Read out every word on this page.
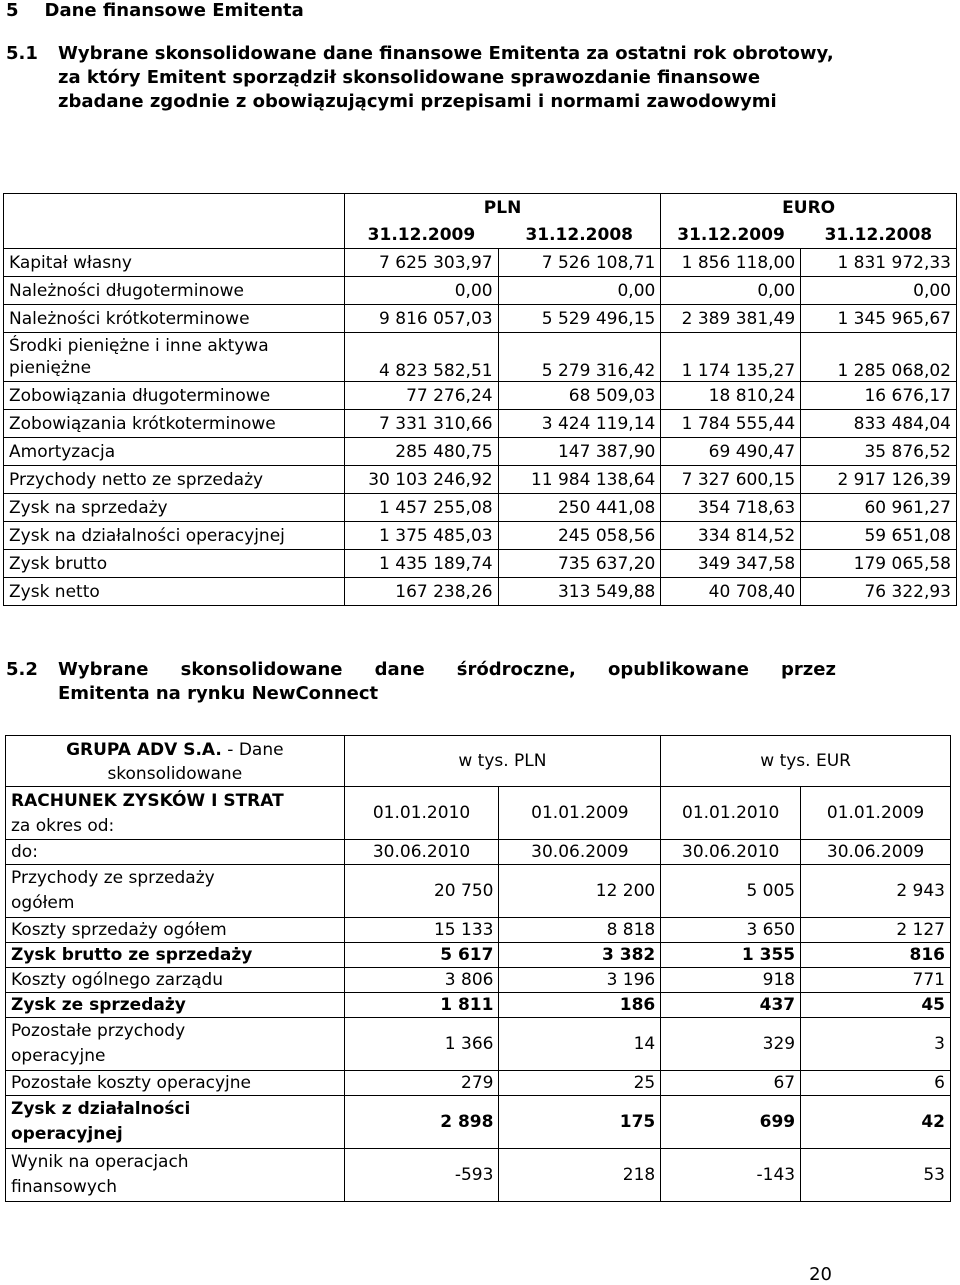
5 Dane finansowe Emitenta
5.1 Wybrane skonsolidowane dane finansowe Emitenta za ostatni rok obrotowy, za który Emitent sporządził skonsolidowane sprawozdanie finansowe zbadane zgodnie z obowiązującymi przepisami i normami zawodowymi
	PLN		EURO	
	31.12.2009	31.12.2008	31.12.2009	31.12.2008
Kapitał własny	7 625 303,97	7 526 108,71	1 856 118,00	1 831 972,33
Należności długoterminowe	0,00	0,00	0,00	0,00
Należności krótkoterminowe	9 816 057,03	5 529 496,15	2 389 381,49	1 345 965,67
Środki pieniężne i inne aktywa pieniężne	4 823 582,51	5 279 316,42	1 174 135,27	1 285 068,02
Zobowiązania długoterminowe	77 276,24	68 509,03	18 810,24	16 676,17
Zobowiązania krótkoterminowe	7 331 310,66	3 424 119,14	1 784 555,44	833 484,04
Amortyzacja	285 480,75	147 387,90	69 490,47	35 876,52
Przychody netto ze sprzedaży	30 103 246,92	11 984 138,64	7 327 600,15	2 917 126,39
Zysk na sprzedaży	1 457 255,08	250 441,08	354 718,63	60 961,27
Zysk na działalności operacyjnej	1 375 485,03	245 058,56	334 814,52	59 651,08
Zysk brutto	1 435 189,74	735 637,20	349 347,58	179 065,58
Zysk netto	167 238,26	313 549,88	40 708,40	76 322,93
5.2 Wybrane skonsolidowane dane śródroczne, opublikowane przez
Emitenta na rynku NewConnect
GRUPA ADV S.A. - Dane skonsolidowane	w tys. PLN		w tys. EUR	
RACHUNEK ZYSKÓW I STRAT
za okres od:	01.01.2010	01.01.2009	01.01.2010	01.01.2009
do:	30.06.2010	30.06.2009	30.06.2010	30.06.2009
Przychody ze sprzedaży ogółem	20 750	12 200	5 005	2 943
Koszty sprzedaży ogółem	15 133	8 818	3 650	2 127
Zysk brutto ze sprzedaży	5 617	3 382	1 355	816
Koszty ogólnego zarządu	3 806	3 196	918	771
Zysk ze sprzedaży	1 811	186	437	45
Pozostałe przychody operacyjne	1 366	14	329	3
Pozostałe koszty operacyjne	279	25	67	6
Zysk z działalności operacyjnej	2 898	175	699	42
Wynik na operacjach finansowych	-593	218	-143	53
20
